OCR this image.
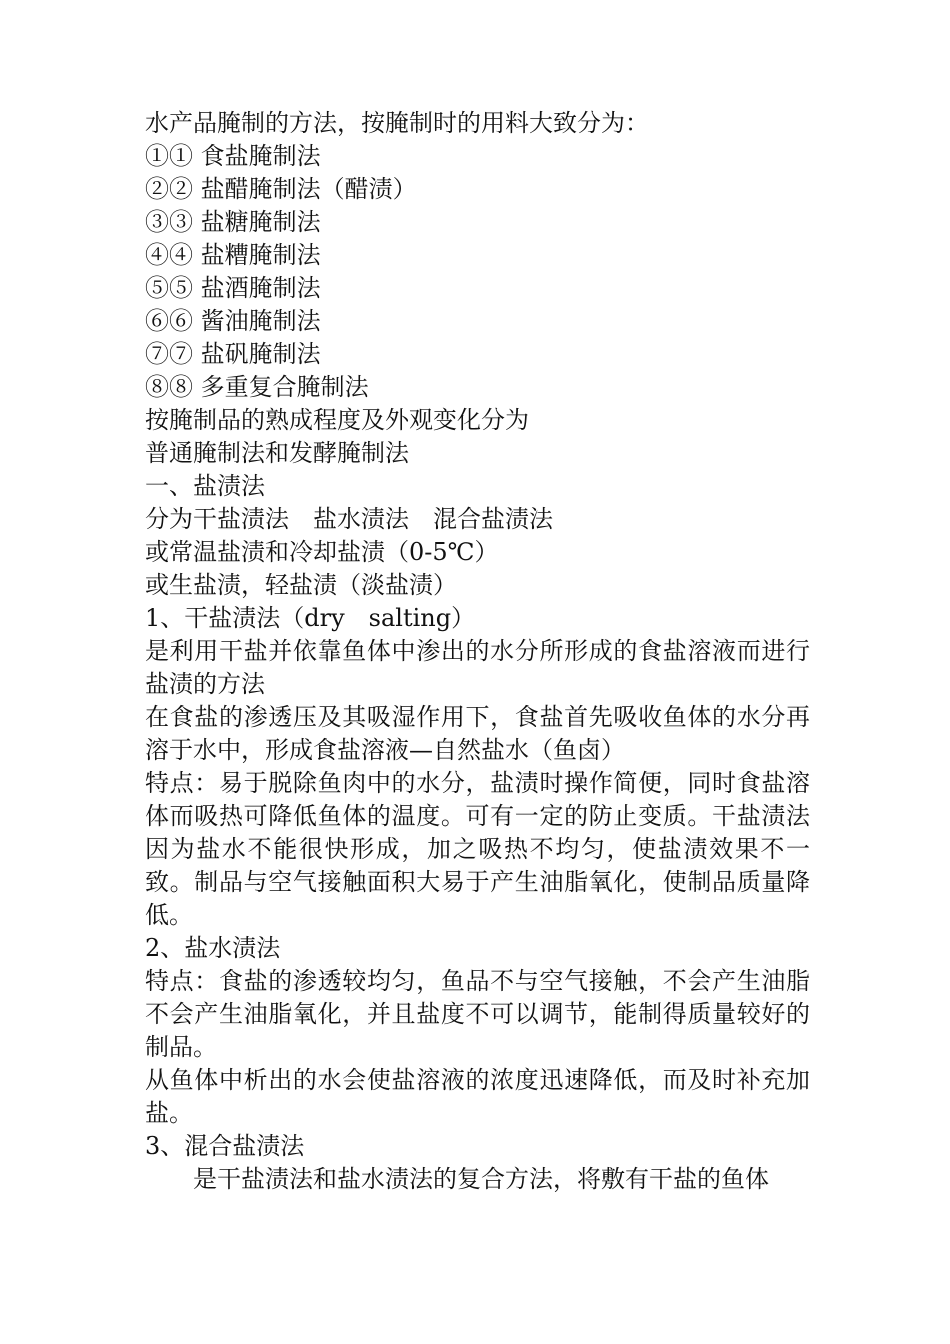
水产品腌制的方法，按腌制时的用料大致分为：

①① 食盐腌制法

②② 盐醋腌制法（醋渍）

③③ 盐糖腌制法

④④ 盐糟腌制法

⑤⑤ 盐酒腌制法

⑥⑥ 酱油腌制法

⑦⑦ 盐矾腌制法

⑧⑧ 多重复合腌制法

按腌制品的熟成程度及外观变化分为

普通腌制法和发酵腌制法

一、盐渍法

分为干盐渍法　盐水渍法　混合盐渍法

或常温盐渍和冷却盐渍（0-5℃）

或生盐渍，轻盐渍（淡盐渍）

1、干盐渍法（dry　salting）

是利用干盐并依靠鱼体中渗出的水分所形成的食盐溶液而进行盐渍的方法

在食盐的渗透压及其吸湿作用下，食盐首先吸收鱼体的水分再溶于水中，形成食盐溶液—自然盐水（鱼卤）

特点：易于脱除鱼肉中的水分，盐渍时操作简便，同时食盐溶体而吸热可降低鱼体的温度。可有一定的防止变质。干盐渍法因为盐水不能很快形成，加之吸热不均匀，使盐渍效果不一致。制品与空气接触面积大易于产生油脂氧化，使制品质量降低。

2、盐水渍法

特点：食盐的渗透较均匀，鱼品不与空气接触，不会产生油脂不会产生油脂氧化，并且盐度不可以调节，能制得质量较好的制品。

从鱼体中析出的水会使盐溶液的浓度迅速降低，而及时补充加盐。

3、混合盐渍法

是干盐渍法和盐水渍法的复合方法，将敷有干盐的鱼体
